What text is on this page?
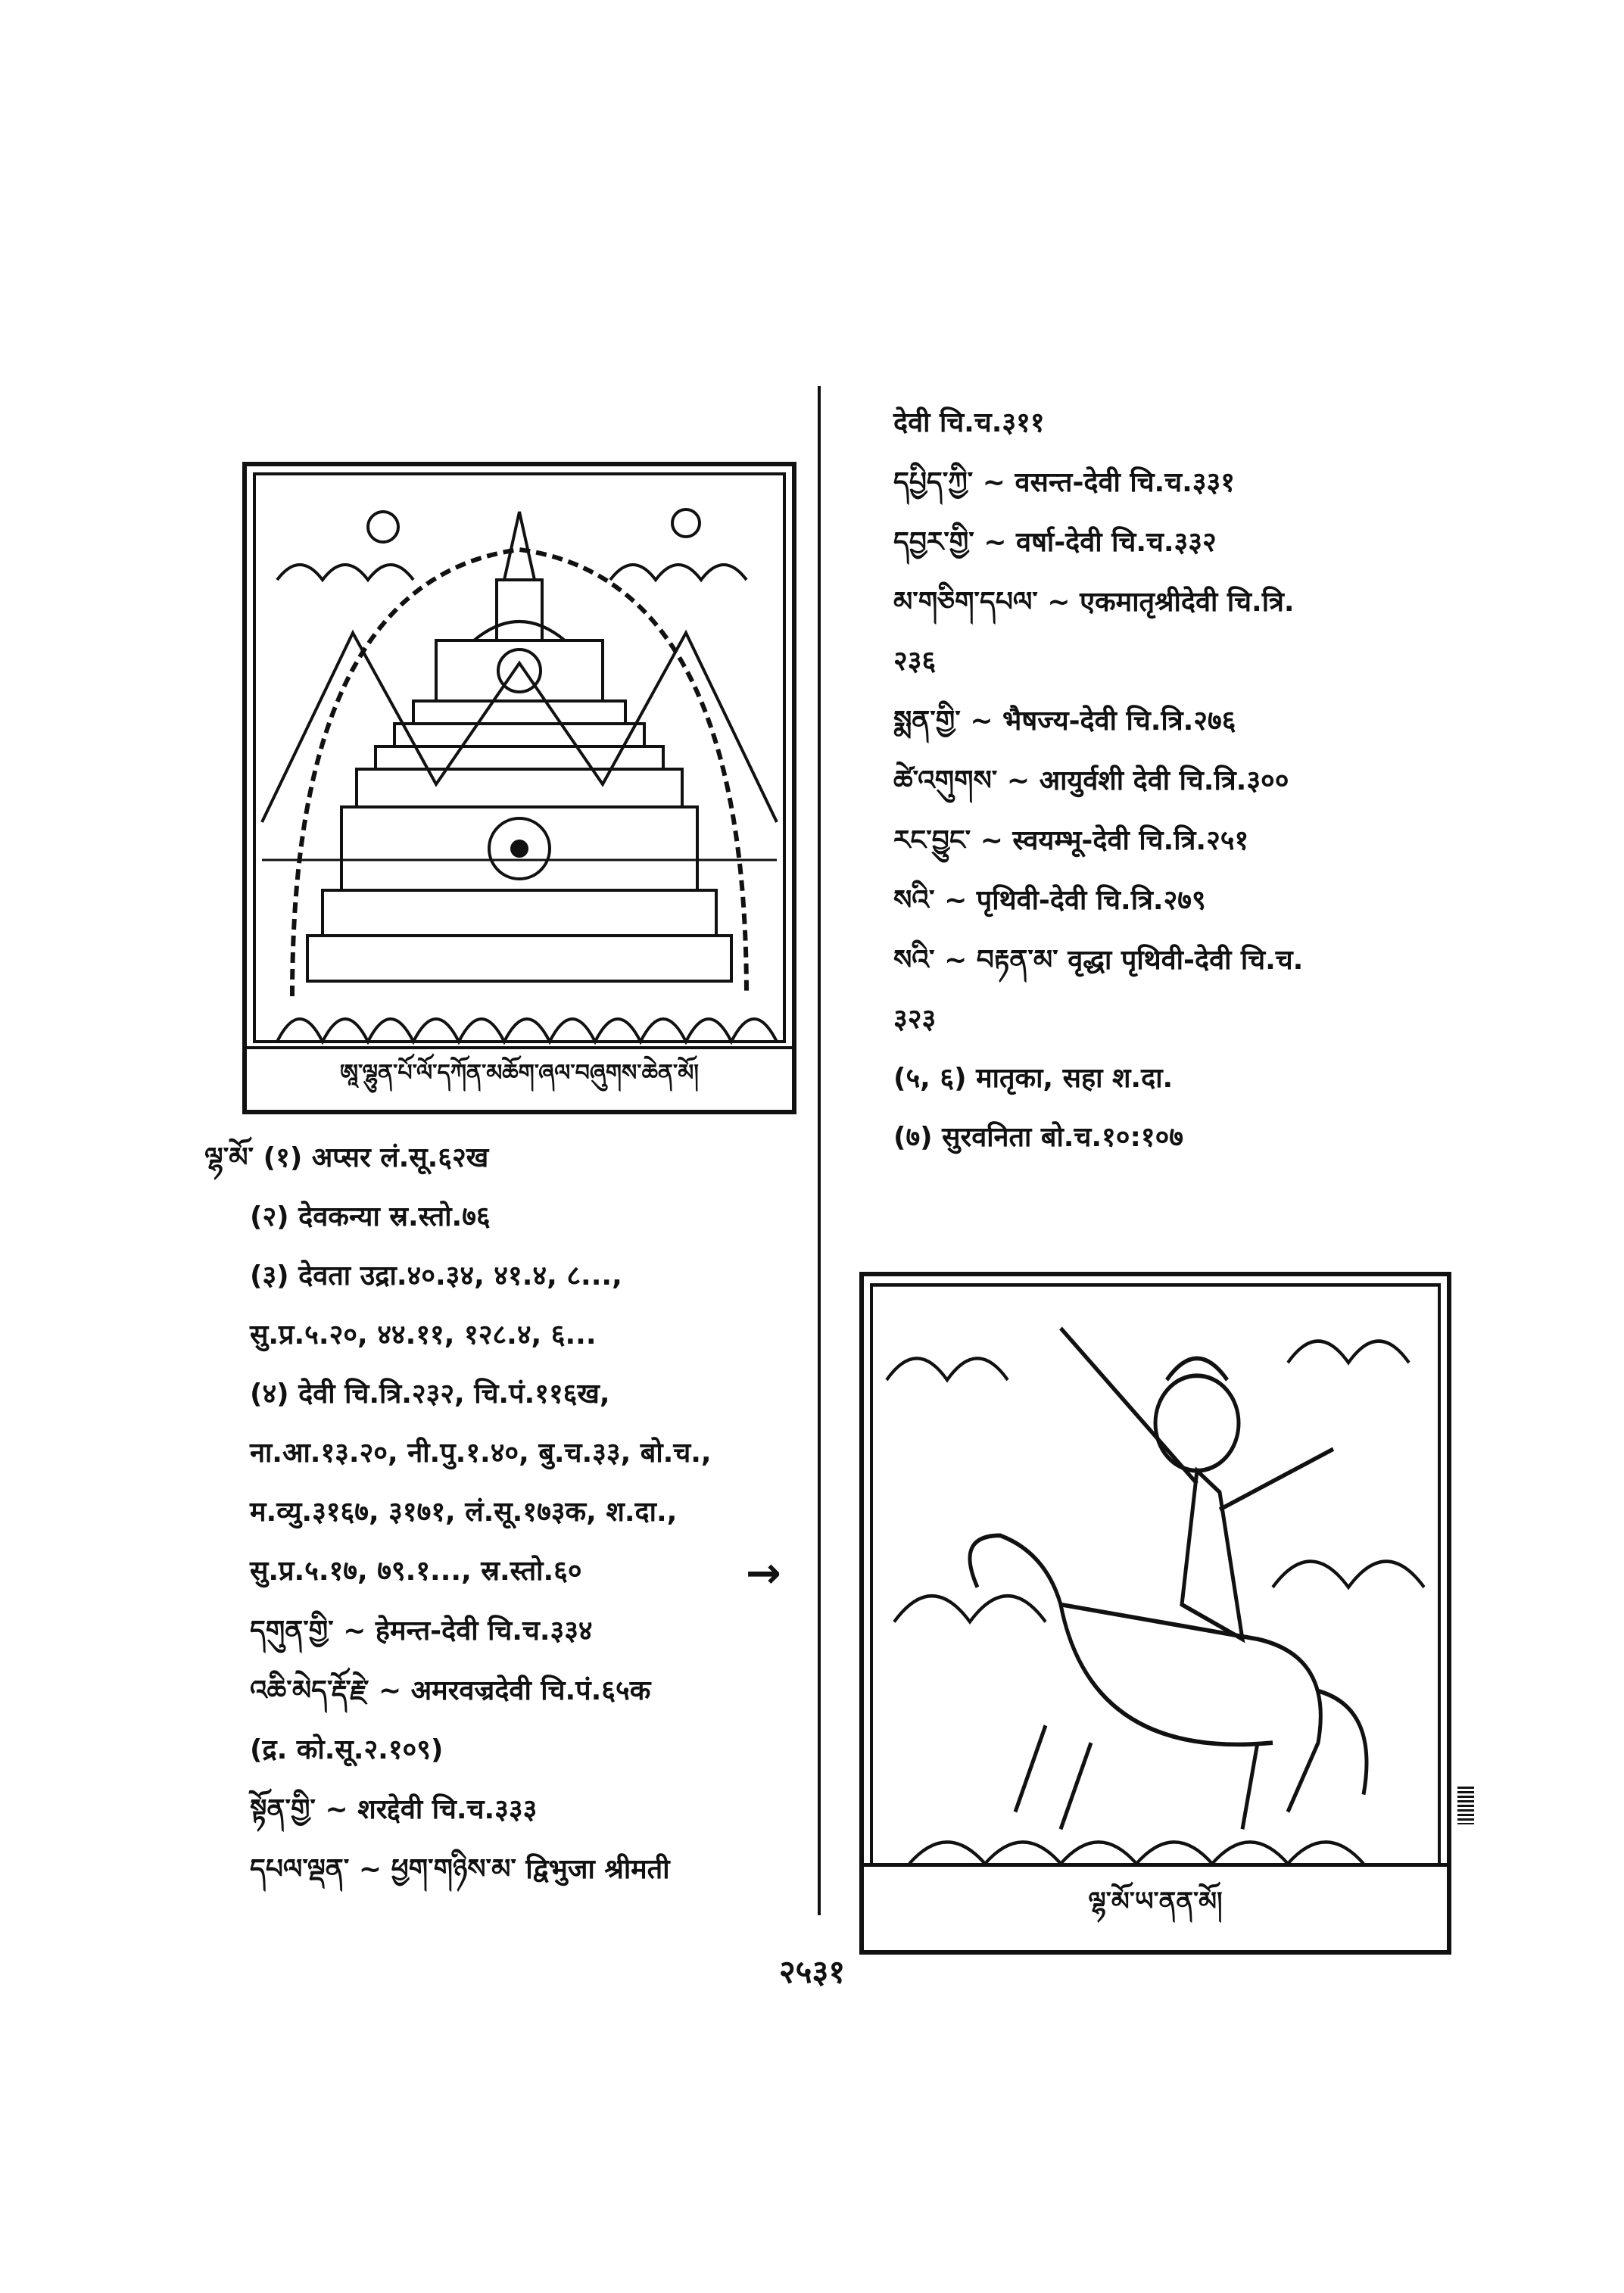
ཨཱ་ལྷུན་པོ་ལོ་དཀོན་མཆོག་ཞལ་བཞུགས་ཆེན་མོ།
ལྷ་མོ་ (१) अप्सर लं.सू.६२ख
(२) देवकन्या स्र.स्तो.७६
(३) देवता उद्रा.४०.३४, ४१.४, ८...,
सु.प्र.५.२०, ४४.११, १२८.४, ६...
(४) देवी चि.त्रि.२३२, चि.पं.११६ख,
ना.आ.१३.२०, नी.पु.१.४०, बु.च.३३, बो.च.,
म.व्यु.३१६७, ३१७१, लं.सू.१७३क, श.दा.,
सु.प्र.५.१७, ७९.१..., स्र.स्तो.६०
དགུན་གྱི་ ~ हेमन्त-देवी चि.च.३३४
འཆི་མེད་རྡོ་རྗེ་ ~ अमरवज्रदेवी चि.पं.६५क
(द्र. को.सू.२.१०९)
སྟོན་གྱི་ ~ शरद्देवी चि.च.३३३
དཔལ་ལྡན་ ~ ཕྱག་གཉིས་མ་ द्विभुजा श्रीमती
→
देवी चि.च.३११
དཔྱིད་ཀྱི་ ~ वसन्त-देवी चि.च.३३१
དབྱར་གྱི་ ~ वर्षा-देवी चि.च.३३२
མ་གཅིག་དཔལ་ ~ एकमातृश्रीदेवी चि.त्रि.
२३६
སྨན་གྱི་ ~ भैषज्य-देवी चि.त्रि.२७६
ཚེ་འགུགས་ ~ आयुर्वशी देवी चि.त्रि.३००
རང་བྱུང་ ~ स्वयम्भू-देवी चि.त्रि.२५१
སའི་ ~ पृथिवी-देवी चि.त्रि.२७९
སའི་ ~ བརྟན་མ་ वृद्धा पृथिवी-देवी चि.च.
३२३
(५, ६) मातृका, सहा श.दा.
(७) सुरवनिता बो.च.१०:१०७
ལྷ་མོ་ཡ་ནན་མོ།
२५३१
